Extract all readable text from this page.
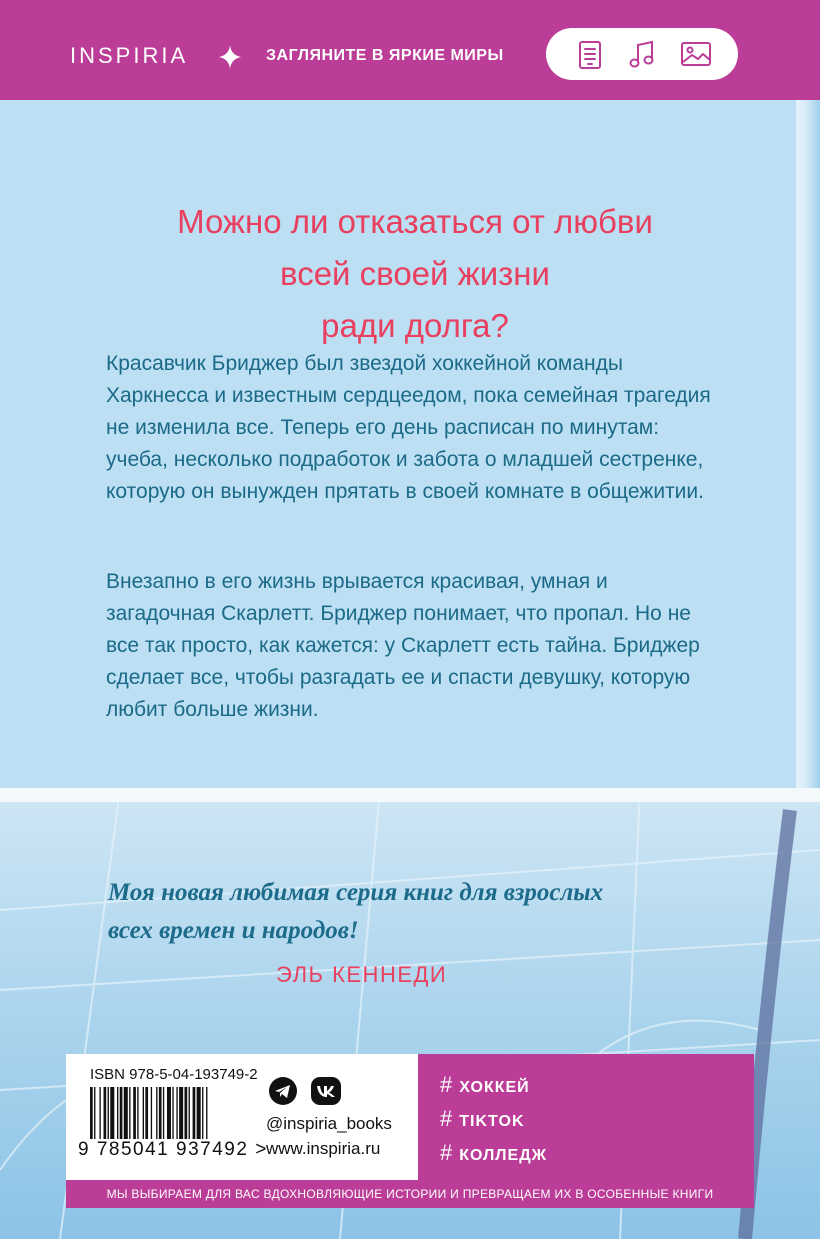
INSPIRIA	ЗАГЛЯНИТЕ В ЯРКИЕ МИРЫ
Можно ли отказаться от любви
всей своей жизни
ради долга?

Красавчик Бриджер был звездой хоккейной команды Харкнесса и известным сердцеедом, пока семейная трагедия не изменила все. Теперь его день расписан по минутам: учеба, несколько подработок и забота о младшей сестренке, которую он вынужден прятать в своей комнате в общежитии.

Внезапно в его жизнь врывается красивая, умная и загадочная Скарлетт. Бриджер понимает, что пропал. Но не все так просто, как кажется: у Скарлетт есть тайна. Бриджер сделает все, чтобы разгадать ее и спасти девушку, которую любит больше жизни.

Моя новая любимая серия книг для взрослых
всех времен и народов!
ЭЛЬ КЕННЕДИ
ISBN 978-5-04-193749-2
9 785041 937492 >
@inspiria_books
www.inspiria.ru
# ХОККЕЙ
# TIKTOK
# КОЛЛЕДЖ
МЫ ВЫБИРАЕМ ДЛЯ ВАС ВДОХНОВЛЯЮЩИЕ ИСТОРИИ И ПРЕВРАЩАЕМ ИХ В ОСОБЕННЫЕ КНИГИ
